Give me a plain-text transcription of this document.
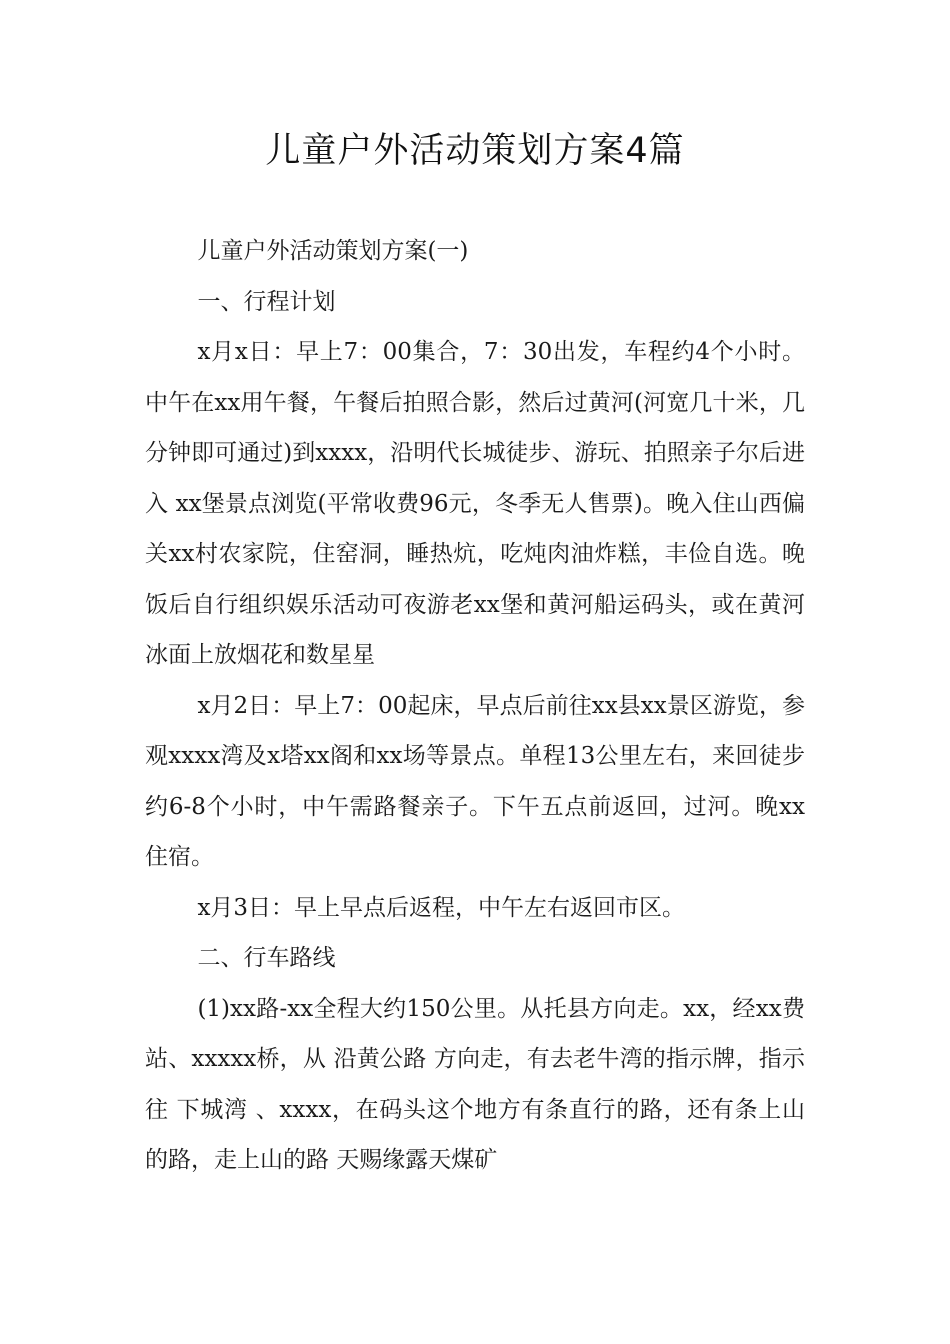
儿童户外活动策划方案4篇

儿童户外活动策划方案(一)

一、行程计划

x月x日：早上7：00集合，7：30出发，车程约4个小时。中午在xx用午餐，午餐后拍照合影，然后过黄河(河宽几十米，几分钟即可通过)到xxxx，沿明代长城徒步、游玩、拍照亲子尔后进入 xx堡景点浏览(平常收费96元，冬季无人售票)。晚入住山西偏关xx村农家院，住窑洞，睡热炕，吃炖肉油炸糕，丰俭自选。晚饭后自行组织娱乐活动可夜游老xx堡和黄河船运码头，或在黄河冰面上放烟花和数星星

x月2日：早上7：00起床，早点后前往xx县xx景区游览，参观xxxx湾及x塔xx阁和xx场等景点。单程13公里左右，来回徒步约6-8个小时，中午需路餐亲子。下午五点前返回，过河。晚xx住宿。

x月3日：早上早点后返程，中午左右返回市区。

二、行车路线

(1)xx路-xx全程大约150公里。从托县方向走。xx，经xx费站、xxxxx桥，从 沿黄公路 方向走，有去老牛湾的指示牌，指示往 下城湾 、xxxx，在码头这个地方有条直行的路，还有条上山的路，走上山的路 天赐缘露天煤矿
